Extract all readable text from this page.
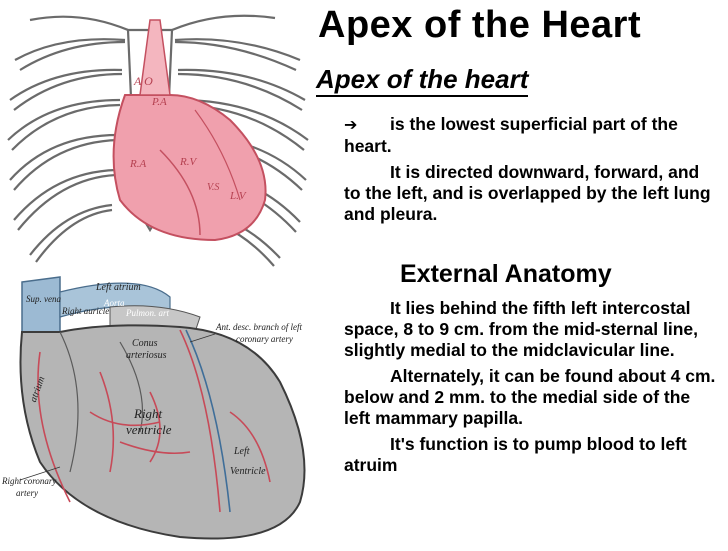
A O
P.A
R.A	R.V
L.V
V.S
Left atrium
Aorta
Sup. vena
Right auricle Pulmon. art
Ant. desc. branch of left
coronary artery
Conus
arteriosus
Right
ventricle
Left
Ventricle
atrium
Right coronary
artery
Apex of the Heart
Apex of the heart

➔ is the lowest superficial part of the heart.

It is directed downward, forward, and to the left, and is overlapped by the left lung and pleura.

External Anatomy

It lies behind the fifth left intercostal space, 8 to 9 cm. from the mid-sternal line, slightly medial to the midclavicular line.

Alternately, it can be found about 4 cm. below and 2 mm. to the medial side of the left mammary papilla.

It's function is to pump blood to left atruim
